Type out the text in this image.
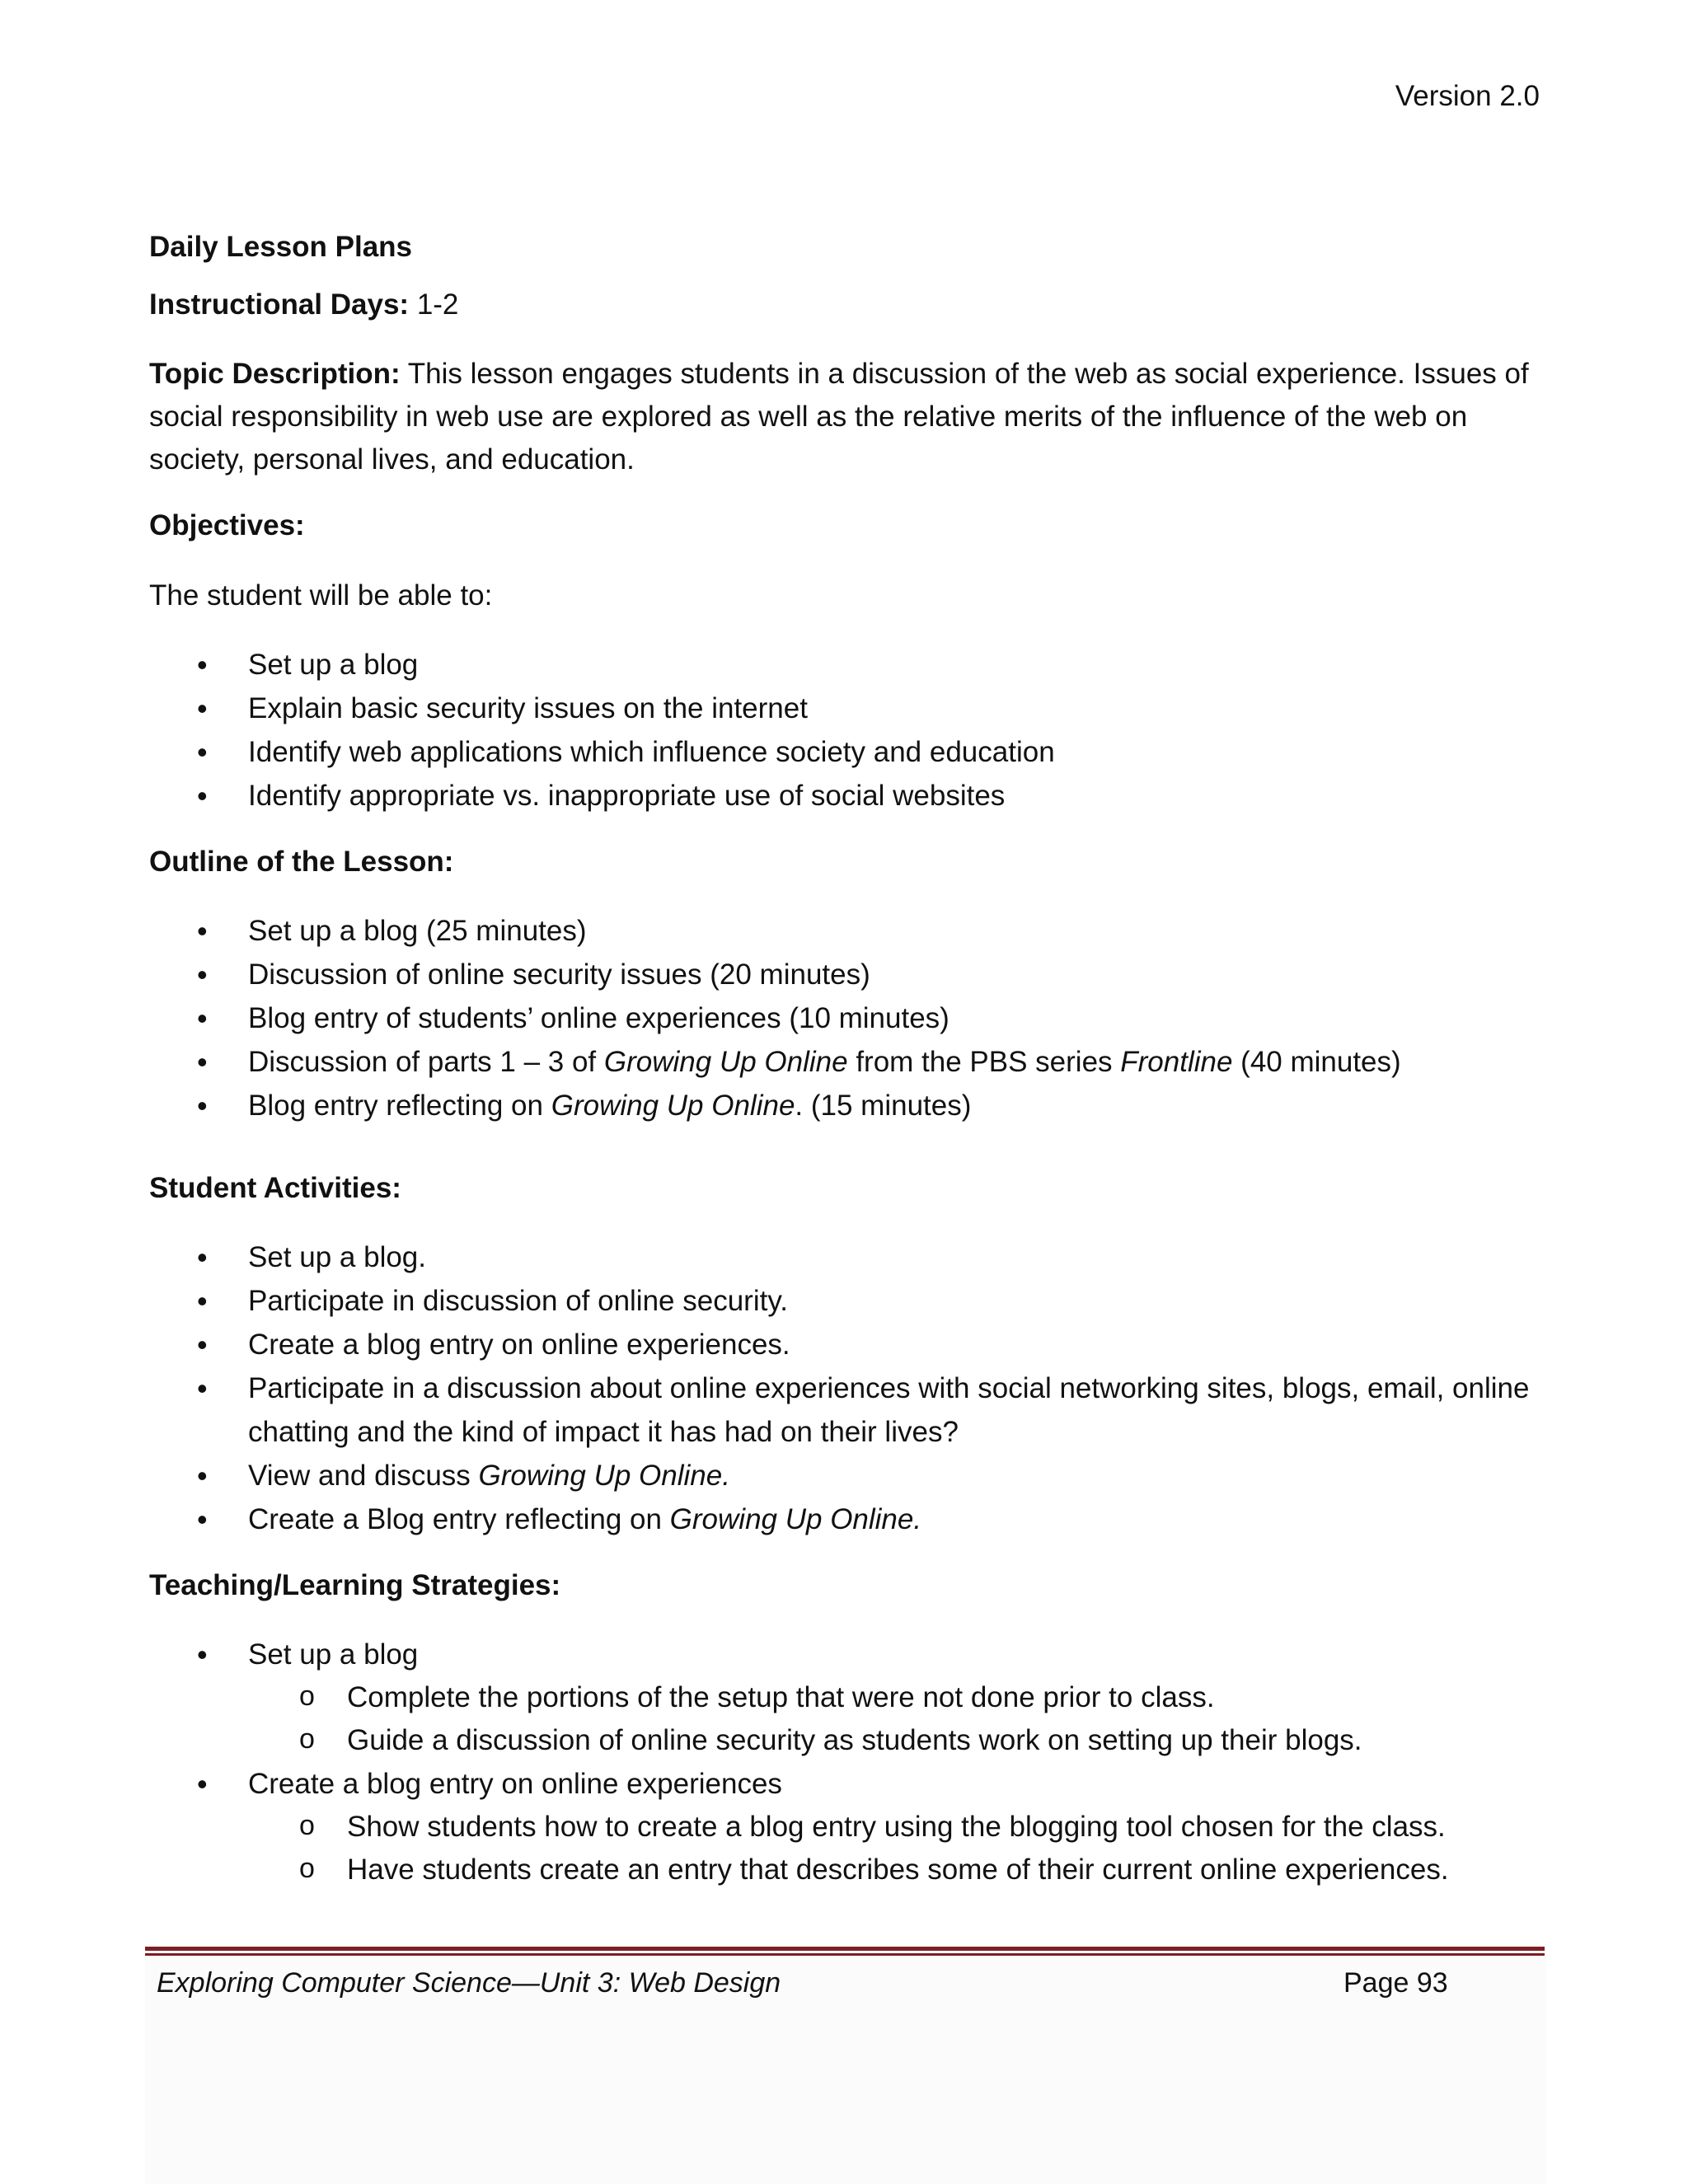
Version 2.0

Daily Lesson Plans

Instructional Days: 1-2

Topic Description: This lesson engages students in a discussion of the web as social experience. Issues of social responsibility in web use are explored as well as the relative merits of the influence of the web on society, personal lives, and education.

Objectives:

The student will be able to:

• Set up a blog
• Explain basic security issues on the internet
• Identify web applications which influence society and education
• Identify appropriate vs. inappropriate use of social websites

Outline of the Lesson:

• Set up a blog (25 minutes)
• Discussion of online security issues (20 minutes)
• Blog entry of students’ online experiences (10 minutes)
• Discussion of parts 1 – 3 of Growing Up Online from the PBS series Frontline (40 minutes)
• Blog entry reflecting on Growing Up Online. (15 minutes)

Student Activities:

• Set up a blog.
• Participate in discussion of online security.
• Create a blog entry on online experiences.
• Participate in a discussion about online experiences with social networking sites, blogs, email, online chatting and the kind of impact it has had on their lives?
• View and discuss Growing Up Online.
• Create a Blog entry reflecting on Growing Up Online.

Teaching/Learning Strategies:

• Set up a blog
o Complete the portions of the setup that were not done prior to class.
o Guide a discussion of online security as students work on setting up their blogs.
• Create a blog entry on online experiences
o Show students how to create a blog entry using the blogging tool chosen for the class.
o Have students create an entry that describes some of their current online experiences.
Exploring Computer Science—Unit 3: Web Design	Page 93
